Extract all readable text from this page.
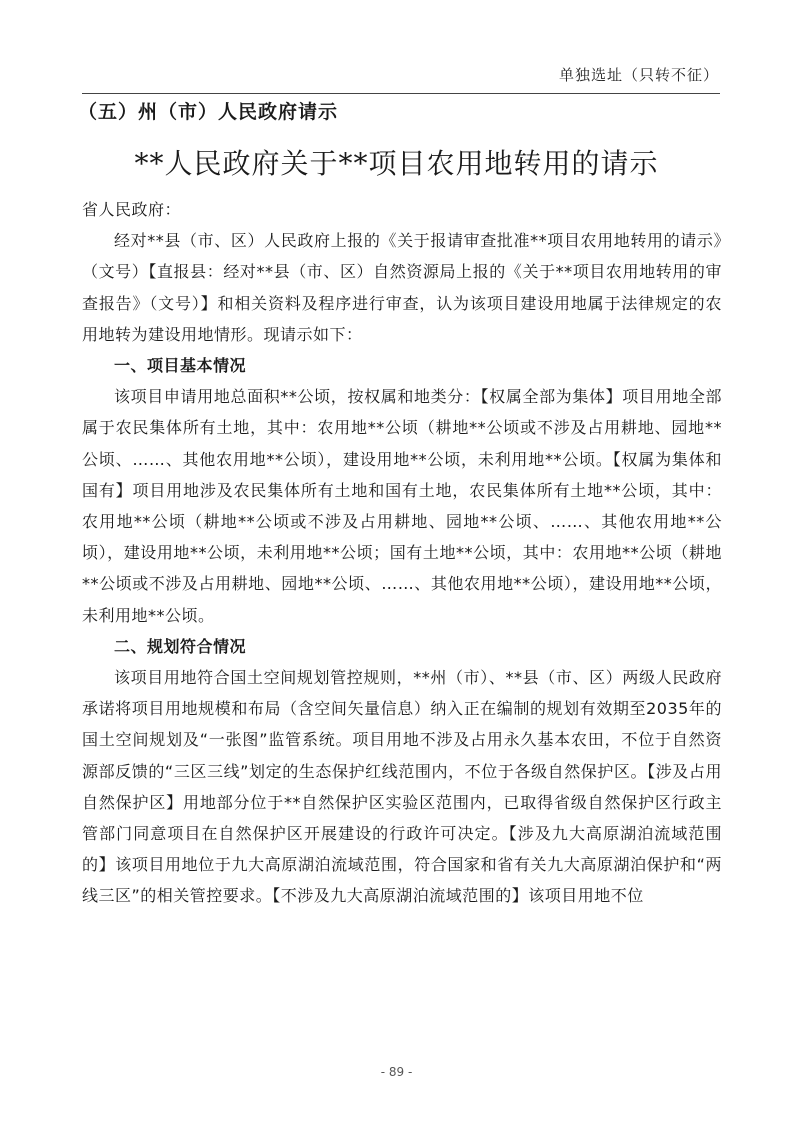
单独选址（只转不征）
（五）州（市）人民政府请示
**人民政府关于**项目农用地转用的请示

省人民政府：

经对**县（市、区）人民政府上报的《关于报请审查批准**项目农用地转用的请示》（文号）【直报县：经对**县（市、区）自然资源局上报的《关于**项目农用地转用的审查报告》（文号）】和相关资料及程序进行审查，认为该项目建设用地属于法律规定的农用地转为建设用地情形。现请示如下：

一、项目基本情况

该项目申请用地总面积**公顷，按权属和地类分：【权属全部为集体】项目用地全部属于农民集体所有土地，其中：农用地**公顷（耕地**公顷或不涉及占用耕地、园地**公顷、……、其他农用地**公顷），建设用地**公顷，未利用地**公顷。【权属为集体和国有】项目用地涉及农民集体所有土地和国有土地，农民集体所有土地**公顷，其中：农用地**公顷（耕地**公顷或不涉及占用耕地、园地**公顷、……、其他农用地**公顷），建设用地**公顷，未利用地**公顷；国有土地**公顷，其中：农用地**公顷（耕地**公顷或不涉及占用耕地、园地**公顷、……、其他农用地**公顷），建设用地**公顷，未利用地**公顷。

二、规划符合情况

该项目用地符合国土空间规划管控规则，**州（市）、**县（市、区）两级人民政府承诺将项目用地规模和布局（含空间矢量信息）纳入正在编制的规划有效期至2035年的国土空间规划及“一张图”监管系统。项目用地不涉及占用永久基本农田，不位于自然资源部反馈的“三区三线”划定的生态保护红线范围内，不位于各级自然保护区。【涉及占用自然保护区】用地部分位于**自然保护区实验区范围内，已取得省级自然保护区行政主管部门同意项目在自然保护区开展建设的行政许可决定。【涉及九大高原湖泊流域范围的】该项目用地位于九大高原湖泊流域范围，符合国家和省有关九大高原湖泊保护和“两线三区”的相关管控要求。【不涉及九大高原湖泊流域范围的】该项目用地不位

- 89 -
